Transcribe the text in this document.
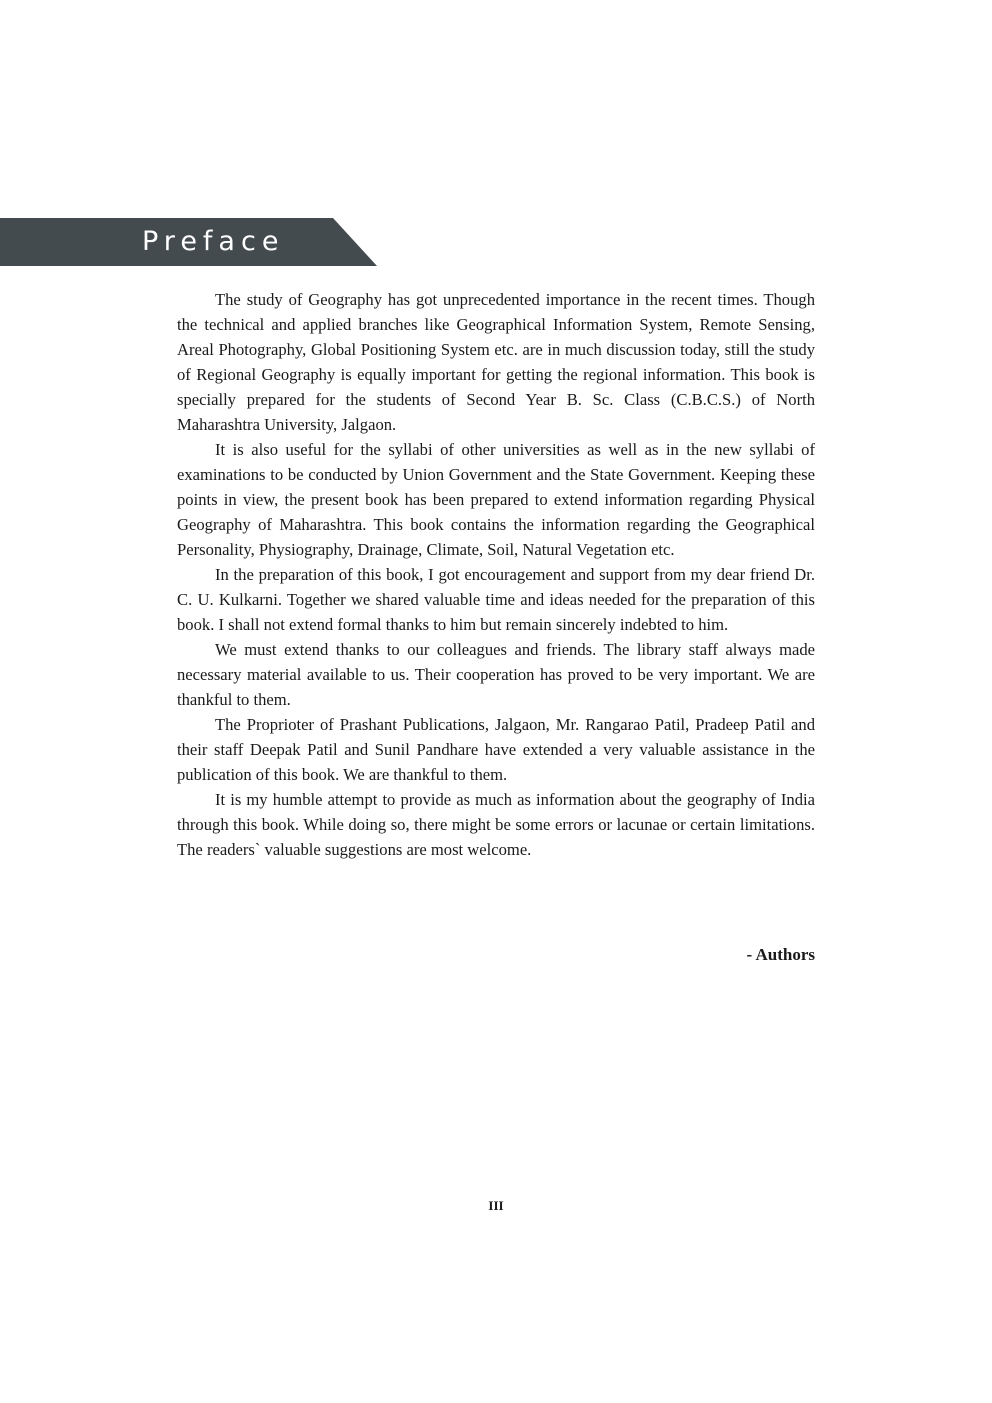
Preface

The study of Geography has got unprecedented importance in the recent times. Though the technical and applied branches like Geographical Information System, Remote Sensing, Areal Photography, Global Positioning System etc. are in much discussion today, still the study of Regional Geography is equally important for getting the regional information. This book is specially prepared for the students of Second Year B. Sc. Class (C.B.C.S.) of North Maharashtra University, Jalgaon.

It is also useful for the syllabi of other universities as well as in the new syllabi of examinations to be conducted by Union Government and the State Government. Keeping these points in view, the present book has been prepared to extend information regarding Physical Geography of Maharashtra. This book contains the information regarding the Geographical Personality, Physiography, Drainage, Climate, Soil, Natural Vegetation etc.

In the preparation of this book, I got encouragement and support from my dear friend Dr. C. U. Kulkarni. Together we shared valuable time and ideas needed for the preparation of this book. I shall not extend formal thanks to him but remain sincerely indebted to him.

We must extend thanks to our colleagues and friends. The library staff always made necessary material available to us. Their cooperation has proved to be very important. We are thankful to them.

The Proprioter of Prashant Publications, Jalgaon, Mr. Rangarao Patil, Pradeep Patil and their staff Deepak Patil and Sunil Pandhare have extended a very valuable assistance in the publication of this book. We are thankful to them.

It is my humble attempt to provide as much as information about the geography of India through this book. While doing so, there might be some errors or lacunae or certain limitations. The readers` valuable suggestions are most welcome.

- Authors
III
